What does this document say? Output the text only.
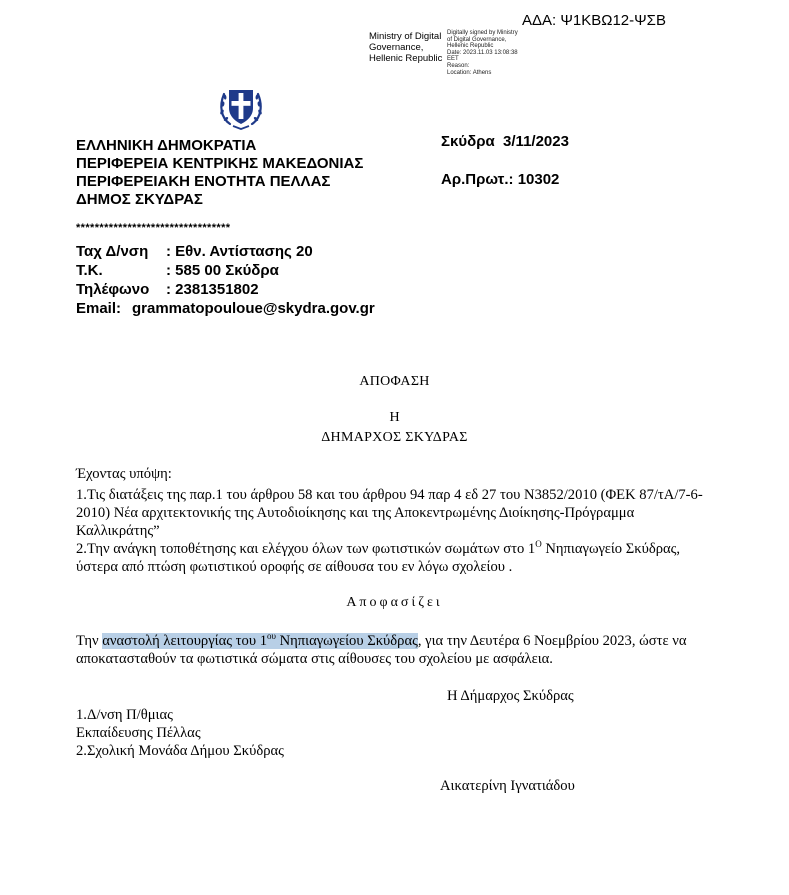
ΑΔΑ: Ψ1ΚΒΩ12-ΨΣΒ
Ministry of Digital
Governance,
Hellenic Republic
Digitally signed by Ministry
of Digital Governance,
Hellenic Republic
Date: 2023.11.03 13:08:38
EET
Reason:
Location: Athens
ΕΛΛΗΝΙΚΗ ΔΗΜΟΚΡΑΤΙΑ
ΠΕΡΙΦΕΡΕΙΑ ΚΕΝΤΡΙΚΗΣ ΜΑΚΕΔΟΝΙΑΣ
ΠΕΡΙΦΕΡΕΙΑΚΗ ΕΝΟΤΗΤΑ ΠΕΛΛΑΣ
ΔΗΜΟΣ ΣΚΥΔΡΑΣ
Σκύδρα 3/11/2023
Αρ.Πρωτ.: 10302
*********************************
Ταχ Δ/νση : Εθν. Αντίστασης 20
Τ.Κ.	: 585 00 Σκύδρα
Τηλέφωνο : 2381351802
Email: grammatopouloue@skydra.gov.gr
ΑΠΟΦΑΣΗ
Η
ΔΗΜΑΡΧΟΣ ΣΚΥΔΡΑΣ
Έχοντας υπόψη:
1.Τις διατάξεις της παρ.1 του άρθρου 58 και του άρθρου 94 παρ 4 εδ 27 του Ν3852/2010 (ΦΕΚ 87/τΑ/7-6-2010) Νέα αρχιτεκτονικής της Αυτοδιοίκησης και της Αποκεντρωμένης Διοίκησης-Πρόγραμμα Καλλικράτης”
2.Την ανάγκη τοποθέτησης και ελέγχου όλων των φωτιστικών σωμάτων στο $1^O$ Νηπιαγωγείο Σκύδρας, ύστερα από πτώση φωτιστικού οροφής σε αίθουσα του εν λόγω σχολείου .
Αποφασίζει
Την αναστολή λειτουργίας του $1^{o\upsilon}$ Νηπιαγωγείου Σκύδρας, για την Δευτέρα 6 Νοεμβρίου 2023, ώστε να αποκατασταθούν τα φωτιστικά σώματα στις αίθουσες του σχολείου με ασφάλεια.
Η Δήμαρχος Σκύδρας
1.Δ/νση Π/θμιας
Εκπαίδευσης Πέλλας
2.Σχολική Μονάδα Δήμου Σκύδρας
Αικατερίνη Ιγνατιάδου
